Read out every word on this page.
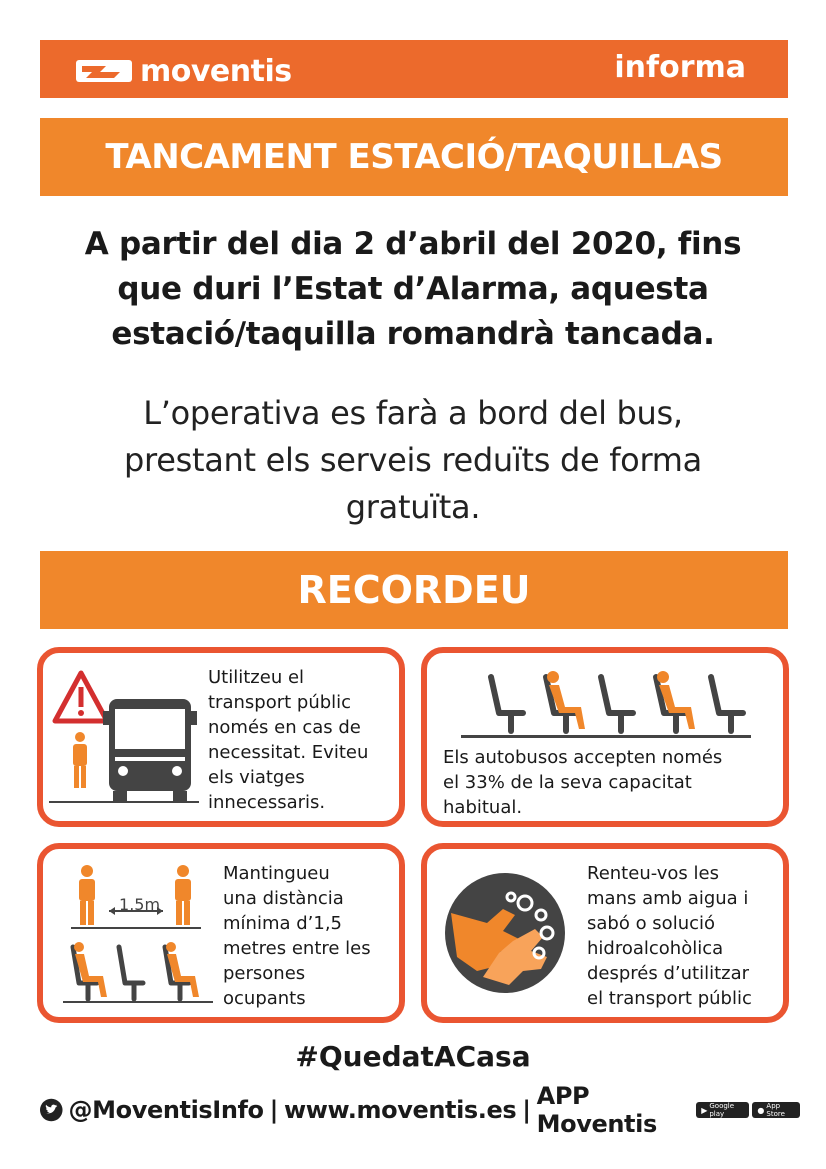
moventis	informa
TANCAMENT ESTACIÓ/TAQUILLAS
A partir del dia 2 d’abril del 2020, fins
que duri l’Estat d’Alarma, aquesta
estació/taquilla romandrà tancada.
L’operativa es farà a bord del bus,
prestant els serveis reduïts de forma
gratuïta.
RECORDEU
Utilitzeu el
transport públic
només en cas de
necessitat. Eviteu
els viatges
innecessaris.
Els autobusos accepten només
el 33% de la seva capacitat
habitual.
1,5m
Mantingueu
una distància
mínima d’1,5
metres entre les
persones
ocupants
Renteu-vos les
mans amb aigua i
sabó o solució
hidroalcohòlica
després d’utilitzar
el transport públic
#QuedatACasa
@MoventisInfo | www.moventis.es | APP Moventis	▶ Google play	● App Store
